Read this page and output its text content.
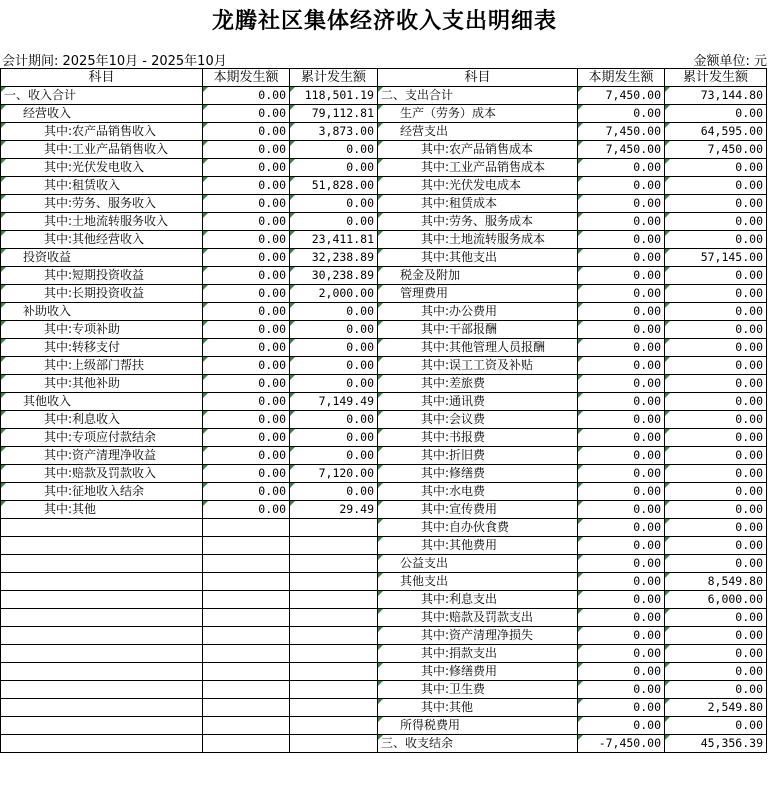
龙腾社区集体经济收入支出明细表
会计期间: 2025年10月 - 2025年10月	金额单位: 元
科目	本期发生额	累计发生额	科目	本期发生额	累计发生额
一、收入合计	0.00	118,501.19	二、支出合计	7,450.00	73,144.80
经营收入	0.00	79,112.81	生产（劳务）成本	0.00	0.00
其中:农产品销售收入	0.00	3,873.00	经营支出	7,450.00	64,595.00
其中:工业产品销售收入	0.00	0.00	其中:农产品销售成本	7,450.00	7,450.00
其中:光伏发电收入	0.00	0.00	其中:工业产品销售成本	0.00	0.00
其中:租赁收入	0.00	51,828.00	其中:光伏发电成本	0.00	0.00
其中:劳务、服务收入	0.00	0.00	其中:租赁成本	0.00	0.00
其中:土地流转服务收入	0.00	0.00	其中:劳务、服务成本	0.00	0.00
其中:其他经营收入	0.00	23,411.81	其中:土地流转服务成本	0.00	0.00
投资收益	0.00	32,238.89	其中:其他支出	0.00	57,145.00
其中:短期投资收益	0.00	30,238.89	税金及附加	0.00	0.00
其中:长期投资收益	0.00	2,000.00	管理费用	0.00	0.00
补助收入	0.00	0.00	其中:办公费用	0.00	0.00
其中:专项补助	0.00	0.00	其中:干部报酬	0.00	0.00
其中:转移支付	0.00	0.00	其中:其他管理人员报酬	0.00	0.00
其中:上级部门帮扶	0.00	0.00	其中:误工工资及补贴	0.00	0.00
其中:其他补助	0.00	0.00	其中:差旅费	0.00	0.00
其他收入	0.00	7,149.49	其中:通讯费	0.00	0.00
其中:利息收入	0.00	0.00	其中:会议费	0.00	0.00
其中:专项应付款结余	0.00	0.00	其中:书报费	0.00	0.00
其中:资产清理净收益	0.00	0.00	其中:折旧费	0.00	0.00
其中:赔款及罚款收入	0.00	7,120.00	其中:修缮费	0.00	0.00
其中:征地收入结余	0.00	0.00	其中:水电费	0.00	0.00
其中:其他	0.00	29.49	其中:宣传费用	0.00	0.00
			其中:自办伙食费	0.00	0.00
			其中:其他费用	0.00	0.00
			公益支出	0.00	0.00
			其他支出	0.00	8,549.80
			其中:利息支出	0.00	6,000.00
			其中:赔款及罚款支出	0.00	0.00
			其中:资产清理净损失	0.00	0.00
			其中:捐款支出	0.00	0.00
			其中:修缮费用	0.00	0.00
			其中:卫生费	0.00	0.00
			其中:其他	0.00	2,549.80
			所得税费用	0.00	0.00
			三、收支结余	-7,450.00	45,356.39
